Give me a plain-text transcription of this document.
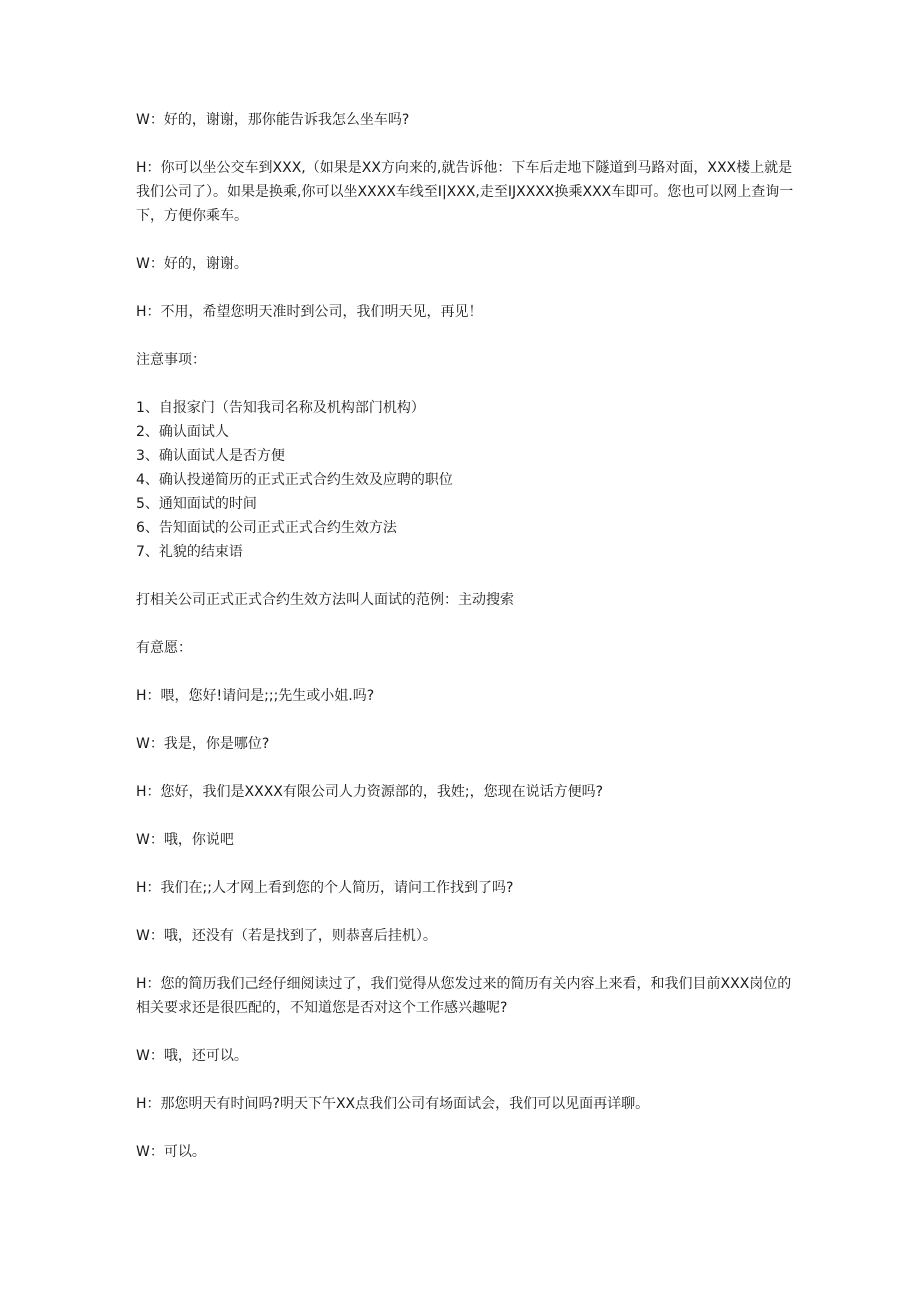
W：好的，谢谢，那你能告诉我怎么坐车吗?

H：你可以坐公交车到XXX,（如果是XX方向来的,就告诉他：下车后走地下隧道到马路对面，XXX楼上就是我们公司了）。如果是换乘,你可以坐XXXX车线至I|XXX,走至IJXXXX换乘XXX车即可。您也可以网上查询一下，方便你乘车。

W：好的，谢谢。

H：不用，希望您明天准时到公司，我们明天见，再见！

注意事项：

1、自报家门（告知我司名称及机构部门机构）
2、确认面试人
3、确认面试人是否方便
4、确认投递简历的正式正式合约生效及应聘的职位
5、通知面试的时间
6、告知面试的公司正式正式合约生效方法
7、礼貌的结束语

打相关公司正式正式合约生效方法叫人面试的范例：主动搜索

有意愿：

H：喂，您好!请问是;;;先生或小姐.吗?

W：我是，你是哪位?

H：您好，我们是XXXX有限公司人力资源部的，我姓;，您现在说话方便吗?

W：哦，你说吧

H：我们在;;人才网上看到您的个人简历，请问工作找到了吗?

W：哦，还没有（若是找到了，则恭喜后挂机）。

H：您的简历我们己经仔细阅读过了，我们觉得从您发过来的简历有关内容上来看，和我们目前XXX岗位的相关要求还是很匹配的，不知道您是否对这个工作感兴趣呢?

W：哦，还可以。

H：那您明天有时间吗?明天下午XX点我们公司有场面试会，我们可以见面再详聊。

W：可以。
